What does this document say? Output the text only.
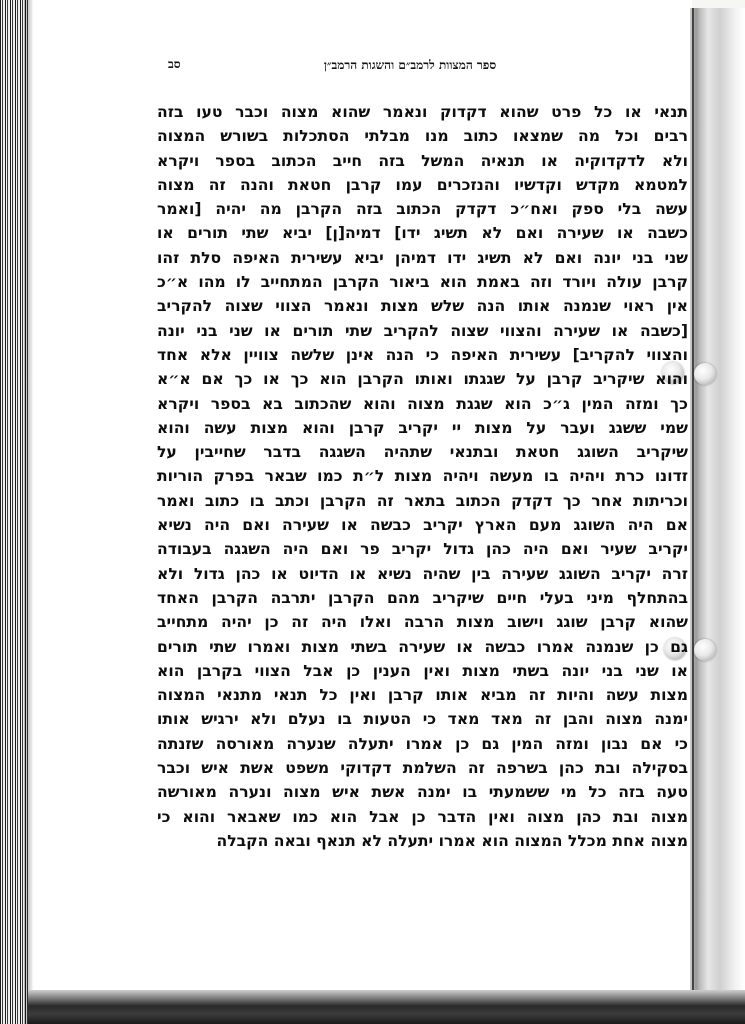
ספר המצוות לרמב״ם והשגות הרמב״ן
סב
תנאי או כל פרט שהוא דקדוק ונאמר שהוא מצוה וכבר טעו בזה
רבים וכל מה שמצאו כתוב מנו מבלתי הסתכלות בשורש המצוה
ולא לדקדוקיה או תנאיה המשל בזה חייב הכתוב בספר ויקרא
למטמא מקדש וקדשיו והנזכרים עמו קרבן חטאת והנה זה מצוה
עשה בלי ספק ואח״כ דקדק הכתוב בזה הקרבן מה יהיה [ואמר
כשבה או שעירה ואם לא תשיג ידו] דמיה[ן] יביא שתי תורים או
שני בני יונה ואם לא תשיג ידו דמיהן יביא עשירית האיפה סלת זהו
קרבן עולה ויורד וזה באמת הוא ביאור הקרבן המתחייב לו מהו א״כ
אין ראוי שנמנה אותו הנה שלש מצות ונאמר הצווי שצוה להקריב
[כשבה או שעירה והצווי שצוה להקריב שתי תורים או שני בני יונה
והצווי להקריב] עשירית האיפה כי הנה אינן שלשה צוויין אלא אחד
והוא שיקריב קרבן על שגגתו ואותו הקרבן הוא כך או כך אם א״א
כך ומזה המין ג״כ הוא שגגת מצוה והוא שהכתוב בא בספר ויקרא
שמי ששגג ועבר על מצות יי יקריב קרבן והוא מצות עשה והוא
שיקריב השוגג חטאת ובתנאי שתהיה השגגה בדבר שחייבין על
זדונו כרת ויהיה בו מעשה ויהיה מצות ל״ת כמו שבאר בפרק הוריות
וכריתות אחר כך דקדק הכתוב בתאר זה הקרבן וכתב בו כתוב ואמר
אם היה השוגג מעם הארץ יקריב כבשה או שעירה ואם היה נשיא
יקריב שעיר ואם היה כהן גדול יקריב פר ואם היה השגגה בעבודה
זרה יקריב השוגג שעירה בין שהיה נשיא או הדיוט או כהן גדול ולא
בהתחלף מיני בעלי חיים שיקריב מהם הקרבן יתרבה הקרבן האחד
שהוא קרבן שוגג וישוב מצות הרבה ואלו היה זה כן יהיה מתחייב
גם כן שנמנה אמרו כבשה או שעירה בשתי מצות ואמרו שתי תורים
או שני בני יונה בשתי מצות ואין הענין כן אבל הצווי בקרבן הוא
מצות עשה והיות זה מביא אותו קרבן ואין כל תנאי מתנאי המצוה
ימנה מצוה והבן זה מאד מאד כי הטעות בו נעלם ולא ירגיש אותו
כי אם נבון ומזה המין גם כן אמרו יתעלה שנערה מאורסה שזנתה
בסקילה ובת כהן בשרפה זה השלמת דקדוקי משפט אשת איש וכבר
טעה בזה כל מי ששמעתי בו ימנה אשת איש מצוה ונערה מאורשה
מצוה ובת כהן מצוה ואין הדבר כן אבל הוא כמו שאבאר והוא כי
מצוה אחת מכלל המצוה הוא אמרו יתעלה לא תנאף ובאה הקבלה
